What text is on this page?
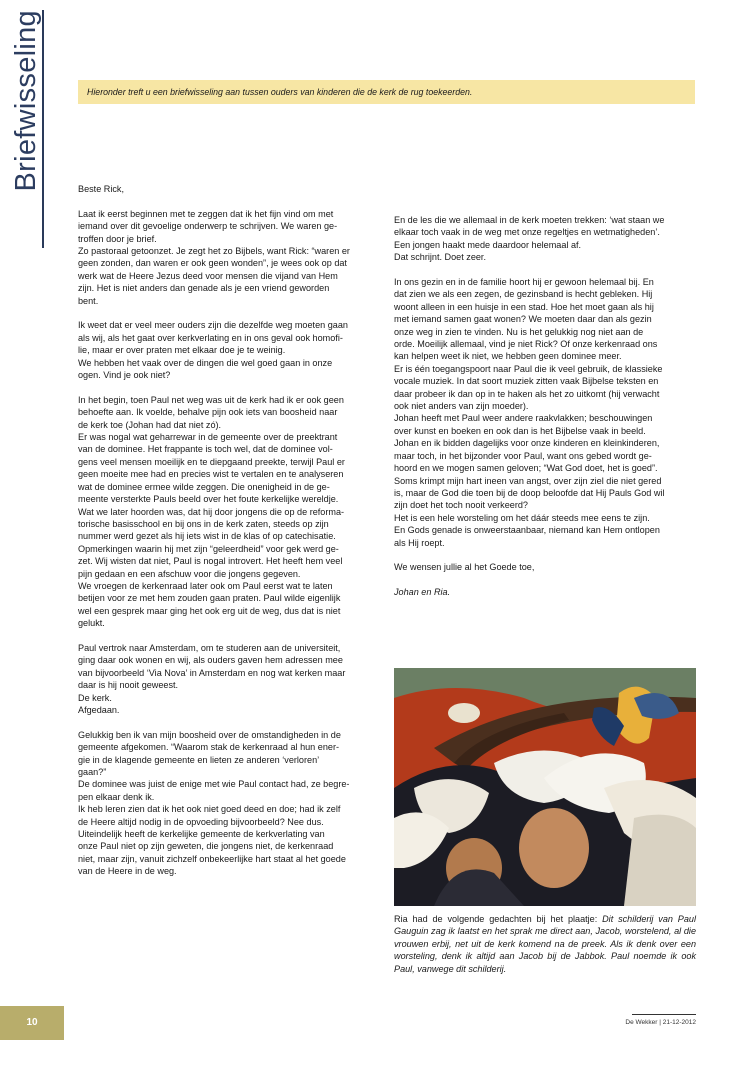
Briefwisseling	Hieronder treft u een briefwisseling aan tussen ouders van kinderen die de kerk de rug toekeerden.

Beste Rick,

Laat ik eerst beginnen met te zeggen dat ik het fijn vind om met
iemand over dit gevoelige onderwerp te schrijven. We waren ge-
troffen door je brief.
Zo pastoraal getoonzet. Je zegt het zo Bijbels, want Rick: “waren er
geen zonden, dan waren er ook geen wonden”, je wees ook op dat
werk wat de Heere Jezus deed voor mensen die vijand van Hem
zijn. Het is niet anders dan genade als je een vriend geworden
bent.

Ik weet dat er veel meer ouders zijn die dezelfde weg moeten gaan
als wij, als het gaat over kerkverlating en in ons geval ook homofi-
lie, maar er over praten met elkaar doe je te weinig.
We hebben het vaak over de dingen die wel goed gaan in onze
ogen. Vind je ook niet?

In het begin, toen Paul net weg was uit de kerk had ik er ook geen
behoefte aan. Ik voelde, behalve pijn ook iets van boosheid naar
de kerk toe (Johan had dat niet zó).
Er was nogal wat geharrewar in de gemeente over de preektrant
van de dominee. Het frappante is toch wel, dat de dominee vol-
gens veel mensen moeilijk en te diepgaand preekte, terwijl Paul er
geen moeite mee had en precies wist te vertalen en te analyseren
wat de dominee ermee wilde zeggen. Die onenigheid in de ge-
meente versterkte Pauls beeld over het foute kerkelijke wereldje.
Wat we later hoorden was, dat hij door jongens die op de reforma-
torische basisschool en bij ons in de kerk zaten, steeds op zijn
nummer werd gezet als hij iets wist in de klas of op catechisatie.
Opmerkingen waarin hij met zijn “geleerdheid” voor gek werd ge-
zet. Wij wisten dat niet, Paul is nogal introvert. Het heeft hem veel
pijn gedaan en een afschuw voor die jongens gegeven.
We vroegen de kerkenraad later ook om Paul eerst wat te laten
betijen voor ze met hem zouden gaan praten. Paul wilde eigenlijk
wel een gesprek maar ging het ook erg uit de weg, dus dat is niet
gelukt.

Paul vertrok naar Amsterdam, om te studeren aan de universiteit,
ging daar ook wonen en wij, als ouders gaven hem adressen mee
van bijvoorbeeld ‘Via Nova’ in Amsterdam en nog wat kerken maar
daar is hij nooit geweest.
De kerk.
Afgedaan.

Gelukkig ben ik van mijn boosheid over de omstandigheden in de
gemeente afgekomen. “Waarom stak de kerkenraad al hun ener-
gie in de klagende gemeente en lieten ze anderen ‘verloren’
gaan?”
De dominee was juist de enige met wie Paul contact had, ze begre-
pen elkaar denk ik.
Ik heb leren zien dat ik het ook niet goed deed en doe; had ik zelf
de Heere altijd nodig in de opvoeding bijvoorbeeld? Nee dus.
Uiteindelijk heeft de kerkelijke gemeente de kerkverlating van
onze Paul niet op zijn geweten, die jongens niet, de kerkenraad
niet, maar zijn, vanuit zichzelf onbekeerlijke hart staat al het goede
van de Heere in de weg.

En de les die we allemaal in de kerk moeten trekken: ‘wat staan we
elkaar toch vaak in de weg met onze regeltjes en wetmatigheden’.
Een jongen haakt mede daardoor helemaal af.
Dat schrijnt. Doet zeer.

In ons gezin en in de familie hoort hij er gewoon helemaal bij. En
dat zien we als een zegen, de gezinsband is hecht gebleken. Hij
woont alleen in een huisje in een stad. Hoe het moet gaan als hij
met iemand samen gaat wonen? We moeten daar dan als gezin
onze weg in zien te vinden. Nu is het gelukkig nog niet aan de
orde. Moeilijk allemaal, vind je niet Rick? Of onze kerkenraad ons
kan helpen weet ik niet, we hebben geen dominee meer.
Er is één toegangspoort naar Paul die ik veel gebruik, de klassieke
vocale muziek. In dat soort muziek zitten vaak Bijbelse teksten en
daar probeer ik dan op in te haken als het zo uitkomt (hij verwacht
ook niet anders van zijn moeder).
Johan heeft met Paul weer andere raakvlakken; beschouwingen
over kunst en boeken en ook dan is het Bijbelse vaak in beeld.
Johan en ik bidden dagelijks voor onze kinderen en kleinkinderen,
maar toch, in het bijzonder voor Paul, want ons gebed wordt ge-
hoord en we mogen samen geloven; “Wat God doet, het is goed”.
Soms krimpt mijn hart ineen van angst, over zijn ziel die niet gered
is, maar de God die toen bij de doop beloofde dat Hij Pauls God wil
zijn doet het toch nooit verkeerd?
Het is een hele worsteling om het dáár steeds mee eens te zijn.
En Gods genade is onweerstaanbaar, niemand kan Hem ontlopen
als Hij roept.

We wensen jullie al het Goede toe,

Johan en Ria.

Ria had de volgende gedachten bij het plaatje: Dit schilderij van Paul Gauguin zag ik laatst en het sprak me direct aan, Jacob, worstelend, al die vrouwen erbij, net uit de kerk komend na de preek. Als ik denk over een worsteling, denk ik altijd aan Jacob bij de Jabbok. Paul noemde ik ook Paul, vanwege dit schilderij.
10	De Wekker | 21-12-2012
